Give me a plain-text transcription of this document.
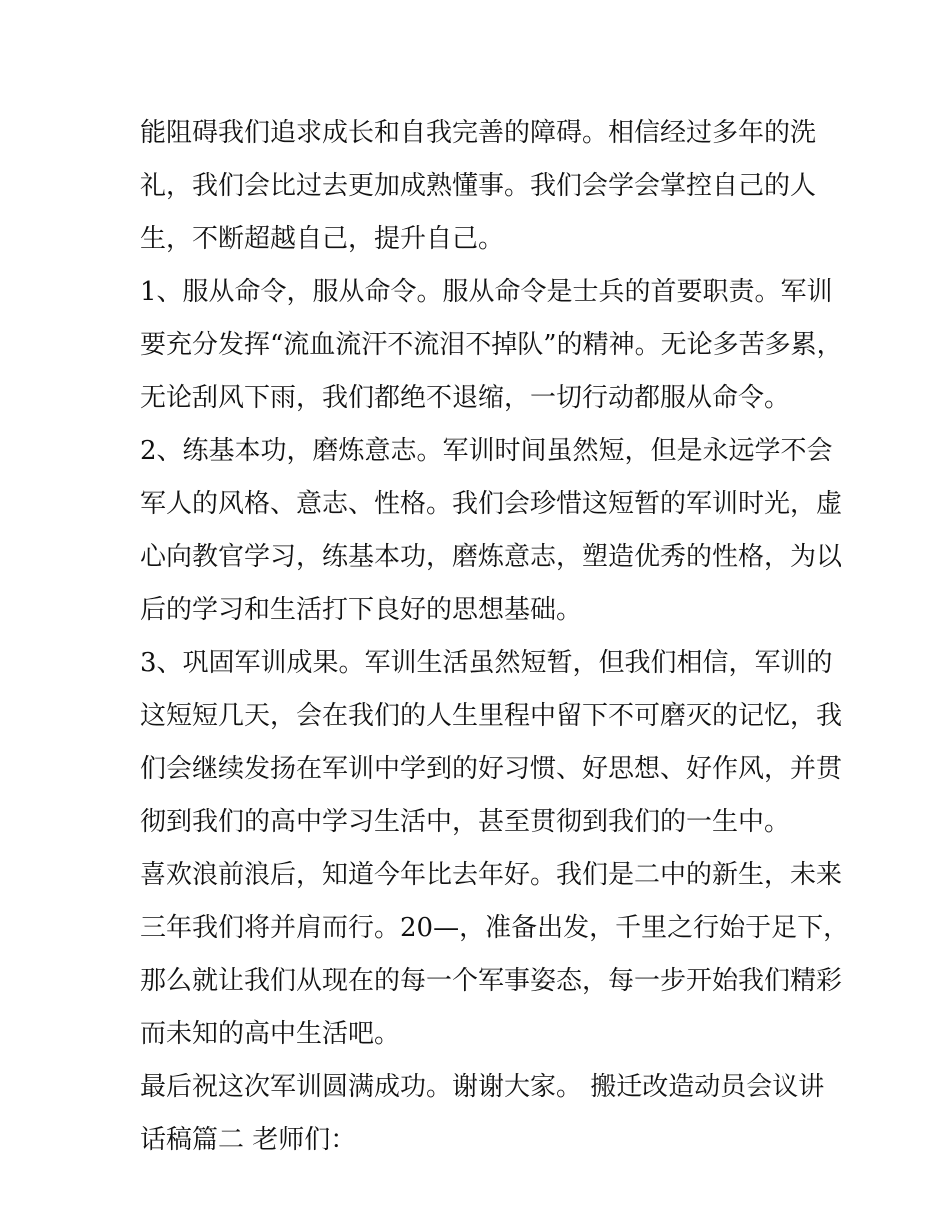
能阻碍我们追求成长和自我完善的障碍。相信经过多年的洗
礼，我们会比过去更加成熟懂事。我们会学会掌控自己的人
生，不断超越自己，提升自己。
1、服从命令，服从命令。服从命令是士兵的首要职责。军训
要充分发挥“流血流汗不流泪不掉队”的精神。无论多苦多累，
无论刮风下雨，我们都绝不退缩，一切行动都服从命令。
2、练基本功，磨炼意志。军训时间虽然短，但是永远学不会
军人的风格、意志、性格。我们会珍惜这短暂的军训时光，虚
心向教官学习，练基本功，磨炼意志，塑造优秀的性格，为以
后的学习和生活打下良好的思想基础。
3、巩固军训成果。军训生活虽然短暂，但我们相信，军训的
这短短几天，会在我们的人生里程中留下不可磨灭的记忆，我
们会继续发扬在军训中学到的好习惯、好思想、好作风，并贯
彻到我们的高中学习生活中，甚至贯彻到我们的一生中。
喜欢浪前浪后，知道今年比去年好。我们是二中的新生，未来
三年我们将并肩而行。20—，准备出发，千里之行始于足下，
那么就让我们从现在的每一个军事姿态，每一步开始我们精彩
而未知的高中生活吧。
最后祝这次军训圆满成功。谢谢大家。 搬迁改造动员会议讲
话稿篇二 老师们：
